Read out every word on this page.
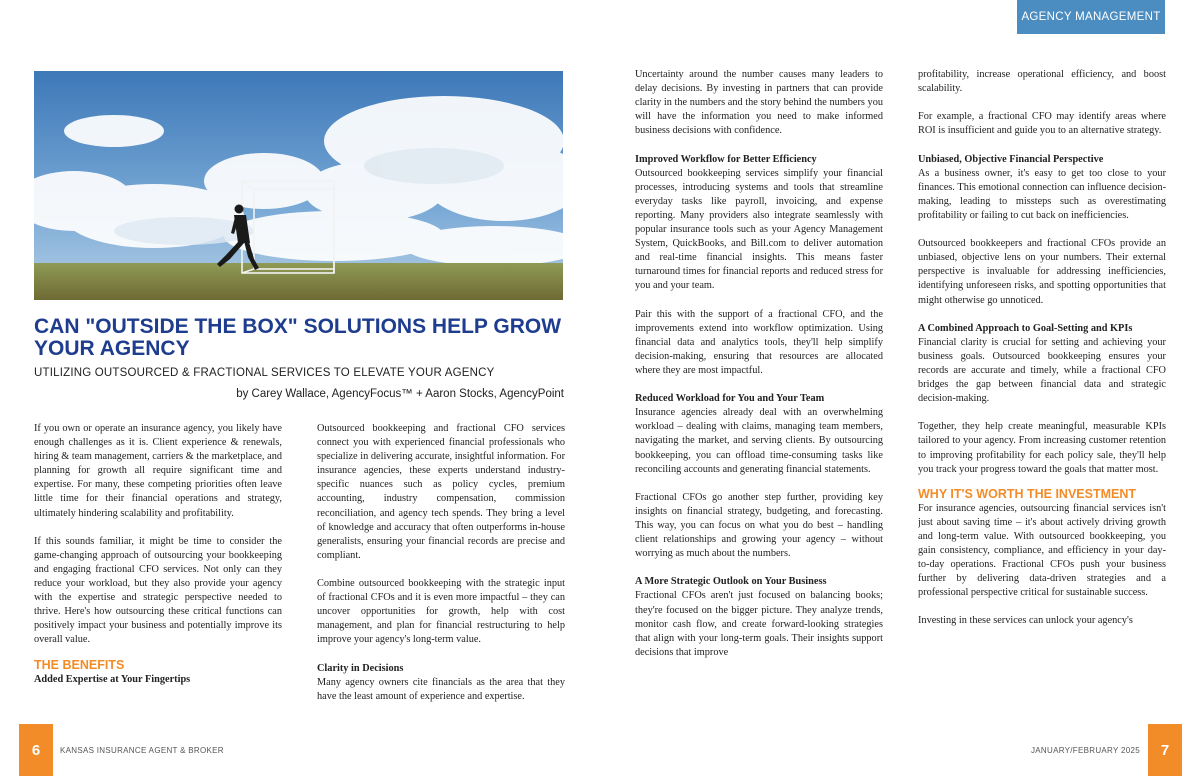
AGENCY MANAGEMENT
CAN "OUTSIDE THE BOX" SOLUTIONS HELP GROW YOUR AGENCY
UTILIZING OUTSOURCED & FRACTIONAL SERVICES TO ELEVATE YOUR AGENCY
by Carey Wallace, AgencyFocus™ + Aaron Stocks, AgencyPoint

If you own or operate an insurance agency, you likely have enough challenges as it is. Client experience & renewals, hiring & team management, carriers & the marketplace, and planning for growth all require significant time and expertise. For many, these competing priorities often leave little time for their financial operations and strategy, ultimately hindering scalability and profitability.

If this sounds familiar, it might be time to consider the game-changing approach of outsourcing your bookkeeping and engaging fractional CFO services. Not only can they reduce your workload, but they also provide your agency with the expertise and strategic perspective needed to thrive. Here's how outsourcing these critical functions can positively impact your business and potentially improve its overall value.

THE BENEFITS
Added Expertise at Your Fingertips

Outsourced bookkeeping and fractional CFO services connect you with experienced financial professionals who specialize in delivering accurate, insightful information. For insurance agencies, these experts understand industry-specific nuances such as policy cycles, premium accounting, industry compensation, commission reconciliation, and agency tech spends. They bring a level of knowledge and accuracy that often outperforms in-house generalists, ensuring your financial records are precise and compliant.

Combine outsourced bookkeeping with the strategic input of fractional CFOs and it is even more impactful – they can uncover opportunities for growth, help with cost management, and plan for financial restructuring to help improve your agency's long-term value.

Clarity in Decisions

Many agency owners cite financials as the area that they have the least amount of experience and expertise.

Uncertainty around the number causes many leaders to delay decisions. By investing in partners that can provide clarity in the numbers and the story behind the numbers you will have the information you need to make informed business decisions with confidence.

Improved Workflow for Better Efficiency

Outsourced bookkeeping services simplify your financial processes, introducing systems and tools that streamline everyday tasks like payroll, invoicing, and expense reporting. Many providers also integrate seamlessly with popular insurance tools such as your Agency Management System, QuickBooks, and Bill.com to deliver automation and real-time financial insights. This means faster turnaround times for financial reports and reduced stress for you and your team.

Pair this with the support of a fractional CFO, and the improvements extend into workflow optimization. Using financial data and analytics tools, they'll help simplify decision-making, ensuring that resources are allocated where they are most impactful.

Reduced Workload for You and Your Team

Insurance agencies already deal with an overwhelming workload – dealing with claims, managing team members, navigating the market, and serving clients. By outsourcing bookkeeping, you can offload time-consuming tasks like reconciling accounts and generating financial statements.

Fractional CFOs go another step further, providing key insights on financial strategy, budgeting, and forecasting. This way, you can focus on what you do best – handling client relationships and growing your agency – without worrying as much about the numbers.

A More Strategic Outlook on Your Business

Fractional CFOs aren't just focused on balancing books; they're focused on the bigger picture. They analyze trends, monitor cash flow, and create forward-looking strategies that align with your long-term goals. Their insights support decisions that improve

profitability, increase operational efficiency, and boost scalability.

For example, a fractional CFO may identify areas where ROI is insufficient and guide you to an alternative strategy.

Unbiased, Objective Financial Perspective

As a business owner, it's easy to get too close to your finances. This emotional connection can influence decision-making, leading to missteps such as overestimating profitability or failing to cut back on inefficiencies.

Outsourced bookkeepers and fractional CFOs provide an unbiased, objective lens on your numbers. Their external perspective is invaluable for addressing inefficiencies, identifying unforeseen risks, and spotting opportunities that might otherwise go unnoticed.

A Combined Approach to Goal-Setting and KPIs

Financial clarity is crucial for setting and achieving your business goals. Outsourced bookkeeping ensures your records are accurate and timely, while a fractional CFO bridges the gap between financial data and strategic decision-making.

Together, they help create meaningful, measurable KPIs tailored to your agency. From increasing customer retention to improving profitability for each policy sale, they'll help you track your progress toward the goals that matter most.

WHY IT'S WORTH THE INVESTMENT

For insurance agencies, outsourcing financial services isn't just about saving time – it's about actively driving growth and long-term value. With outsourced bookkeeping, you gain consistency, compliance, and efficiency in your day-to-day operations. Fractional CFOs push your business further by delivering data-driven strategies and a professional perspective critical for sustainable success.

Investing in these services can unlock your agency's

6	KANSAS INSURANCE AGENT & BROKER	JANUARY/FEBRUARY 2025	7
